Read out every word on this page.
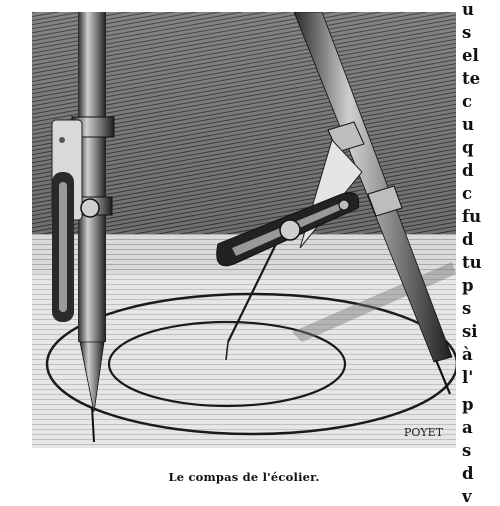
POYET
Le compas de l'écolier.
u
s
el
te
c
u
q
d
c
fu
d
tu
p
s
si
à
l'
p
a
s
d
v
